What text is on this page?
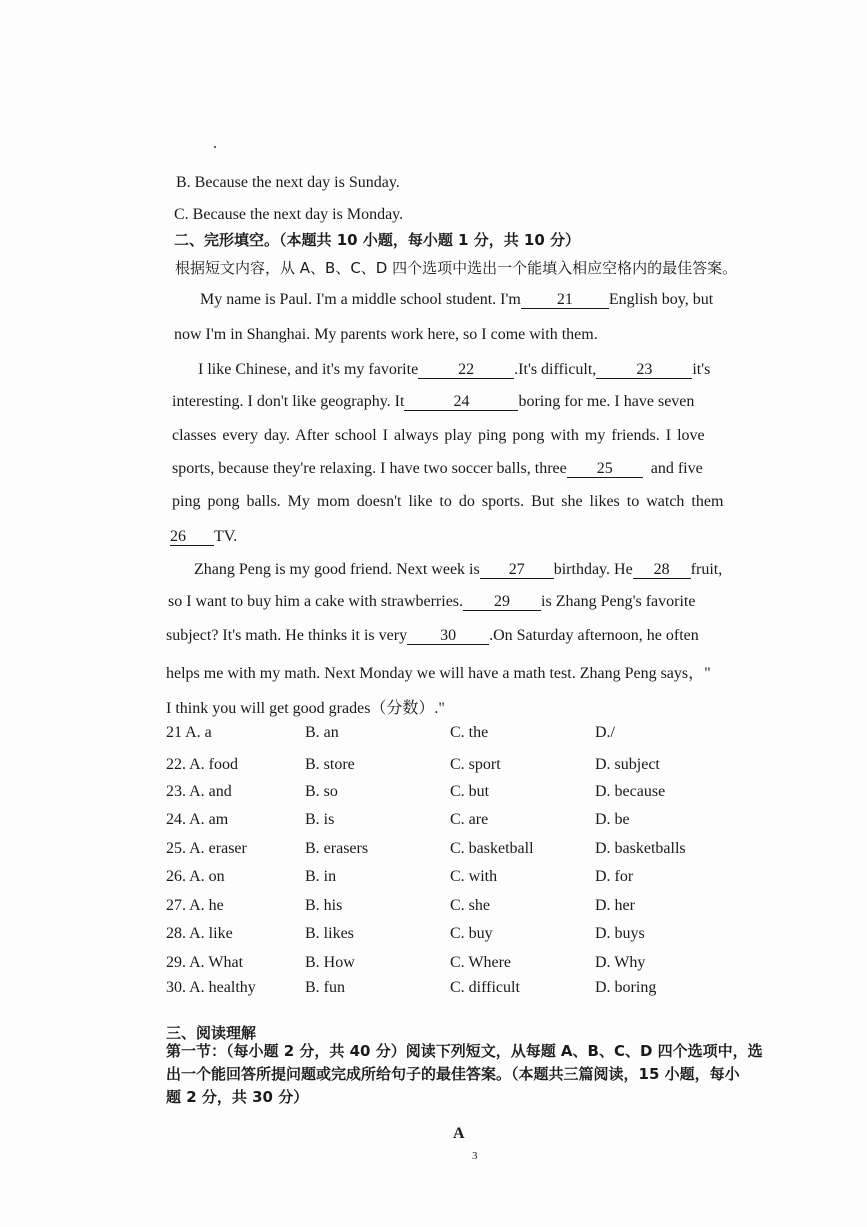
B. Because the next day is Sunday.
C. Because the next day is Monday.
二、完形填空。（本题共 10 小题，每小题 1 分，共 10 分）
根据短文内容，从 A、B、C、D 四个选项中选出一个能填入相应空格内的最佳答案。
My name is Paul. I'm a middle school student. I'm 21 English boy, but
now I'm in Shanghai. My parents work here, so I come with them.
I like Chinese, and it's my favorite	22	.It's difficult,	23	it's
interesting. I don't like geography. It	24	boring for me. I have seven
classes every day. After school I always play ping pong with my friends. I love
sports, because they're relaxing. I have two soccer balls, three 25 and five
ping pong balls. My mom doesn't like to do sports. But she likes to watch them
26 TV.
Zhang Peng is my good friend. Next week is 27 birthday. He 28 fruit,
so I want to buy him a cake with strawberries. 29 is Zhang Peng's favorite
subject? It's math. He thinks it is very 30 .On Saturday afternoon, he often
helps me with my math. Next Monday we will have a math test. Zhang Peng says，"
I think you will get good grades（分数）."
21 A. a	B. an	C. the	D./
22. A. food	B. store	C. sport	D. subject
23. A. and	B. so	C. but	D. because
24. A. am	B. is	C. are	D. be
25. A. eraser	B. erasers	C. basketball	D. basketballs
26. A. on	B. in	C. with	D. for
27. A. he	B. his	C. she	D. her
28. A. like	B. likes	C. buy	D. buys
29. A. What	B. How	C. Where	D. Why
30. A. healthy	B. fun	C. difficult	D. boring
三、阅读理解
第一节：（每小题 2 分，共 40 分）阅读下列短文，从每题 A、B、C、D 四个选项中，选
出一个能回答所提问题或完成所给句子的最佳答案。（本题共三篇阅读，15 小题，每小
题 2 分，共 30 分）
A
3
